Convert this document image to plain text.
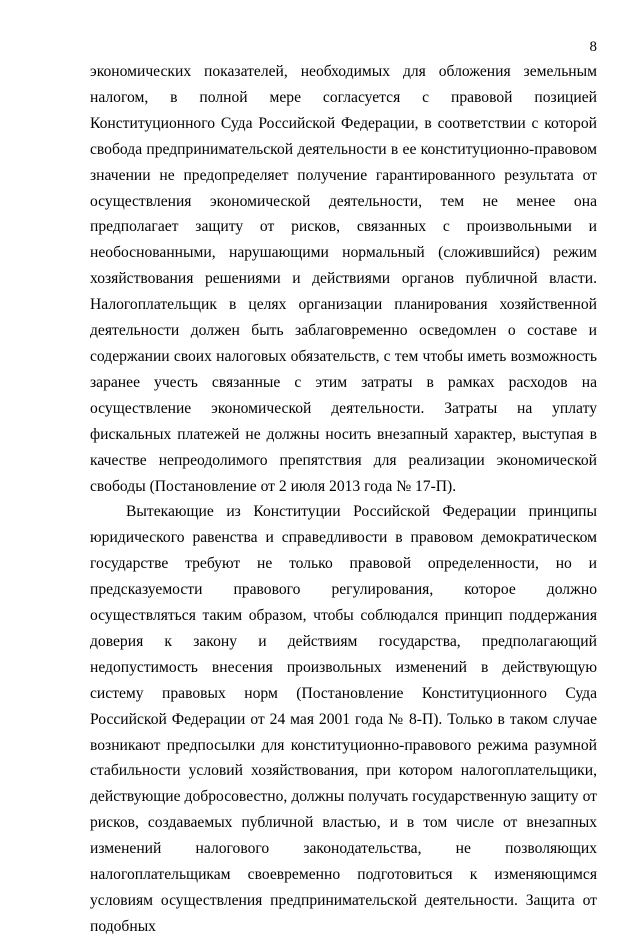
8

экономических показателей, необходимых для обложения земельным налогом, в полной мере согласуется с правовой позицией Конституционного Суда Российской Федерации, в соответствии с которой свобода предпринимательской деятельности в ее конституционно-правовом значении не предопределяет получение гарантированного результата от осуществления экономической деятельности, тем не менее она предполагает защиту от рисков, связанных с произвольными и необоснованными, нарушающими нормальный (сложившийся) режим хозяйствования решениями и действиями органов публичной власти. Налогоплательщик в целях организации планирования хозяйственной деятельности должен быть заблаговременно осведомлен о составе и содержании своих налоговых обязательств, с тем чтобы иметь возможность заранее учесть связанные с этим затраты в рамках расходов на осуществление экономической деятельности. Затраты на уплату фискальных платежей не должны носить внезапный характер, выступая в качестве непреодолимого препятствия для реализации экономической свободы (Постановление от 2 июля 2013 года № 17-П).

Вытекающие из Конституции Российской Федерации принципы юридического равенства и справедливости в правовом демократическом государстве требуют не только правовой определенности, но и предсказуемости правового регулирования, которое должно осуществляться таким образом, чтобы соблюдался принцип поддержания доверия к закону и действиям государства, предполагающий недопустимость внесения произвольных изменений в действующую систему правовых норм (Постановление Конституционного Суда Российской Федерации от 24 мая 2001 года № 8-П). Только в таком случае возникают предпосылки для конституционно-правового режима разумной стабильности условий хозяйствования, при котором налогоплательщики, действующие добросовестно, должны получать государственную защиту от рисков, создаваемых публичной властью, и в том числе от внезапных изменений налогового законодательства, не позволяющих налогоплательщикам своевременно подготовиться к изменяющимся условиям осуществления предпринимательской деятельности. Защита от подобных
